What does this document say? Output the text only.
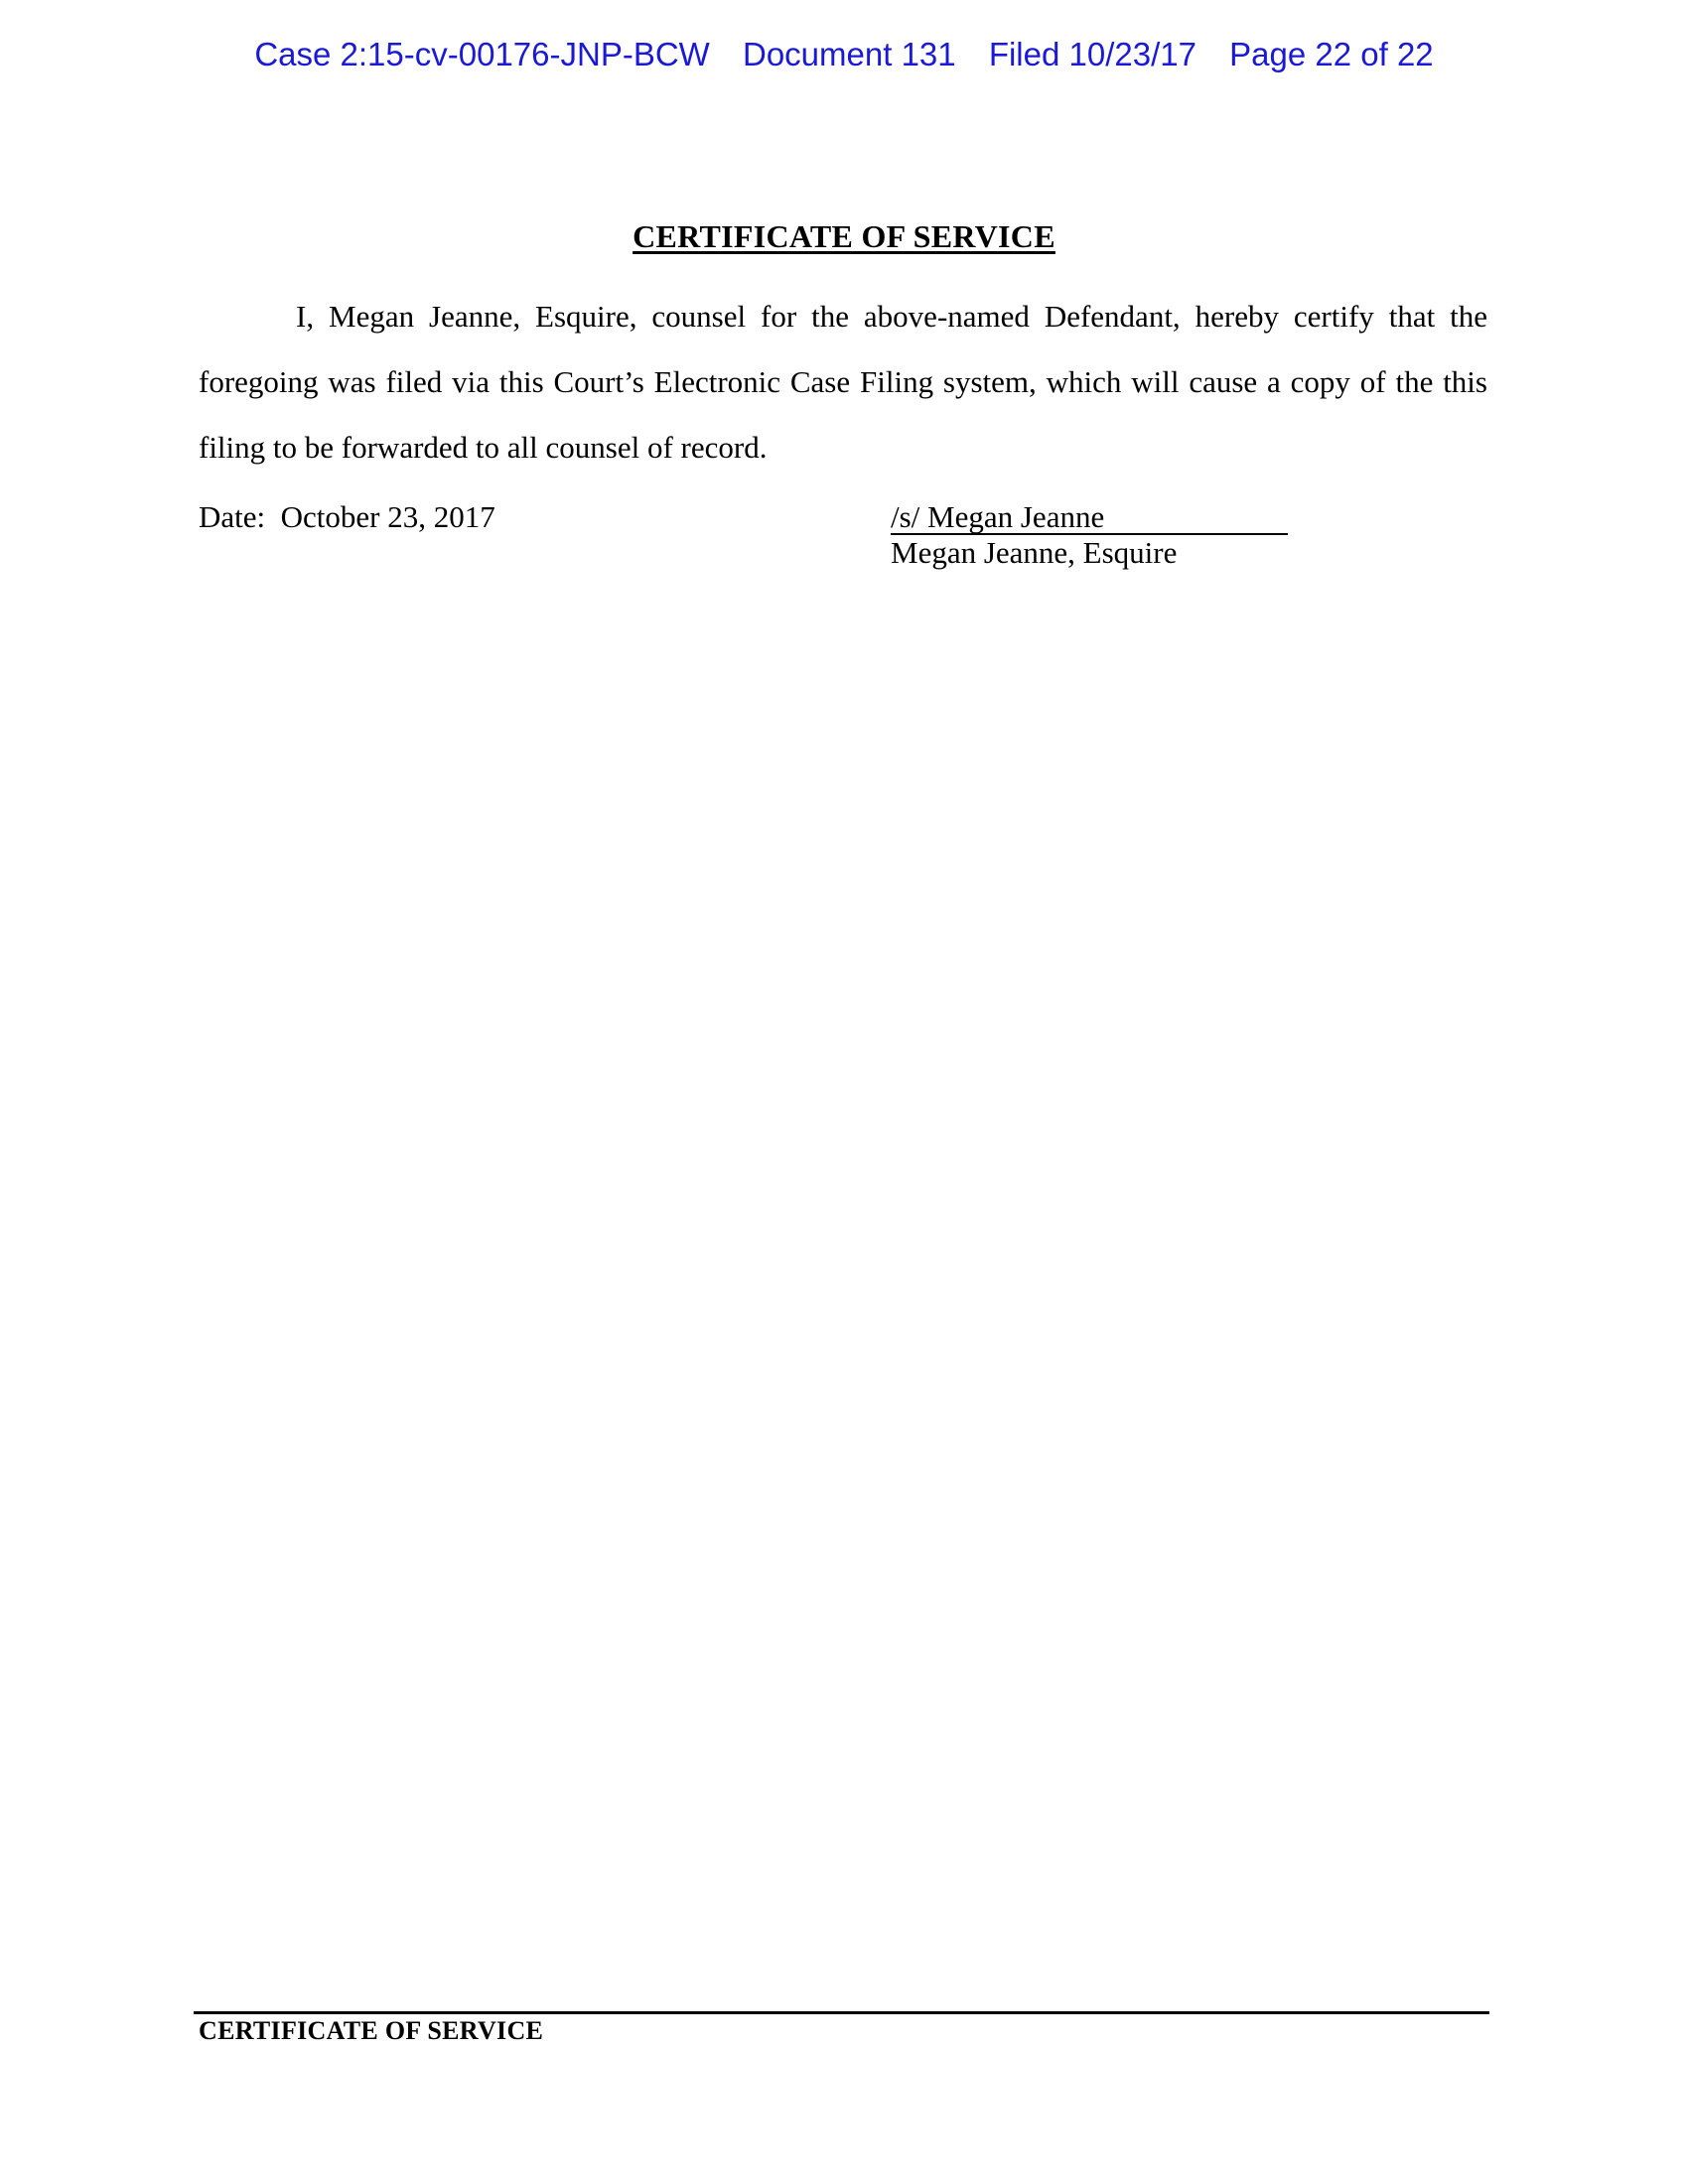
Case 2:15-cv-00176-JNP-BCW Document 131 Filed 10/23/17 Page 22 of 22
CERTIFICATE OF SERVICE
I, Megan Jeanne, Esquire, counsel for the above-named Defendant, hereby certify that the foregoing was filed via this Court’s Electronic Case Filing system, which will cause a copy of the this filing to be forwarded to all counsel of record.
Date:  October 23, 2017	/s/ Megan Jeanne
Megan Jeanne, Esquire
CERTIFICATE OF SERVICE
